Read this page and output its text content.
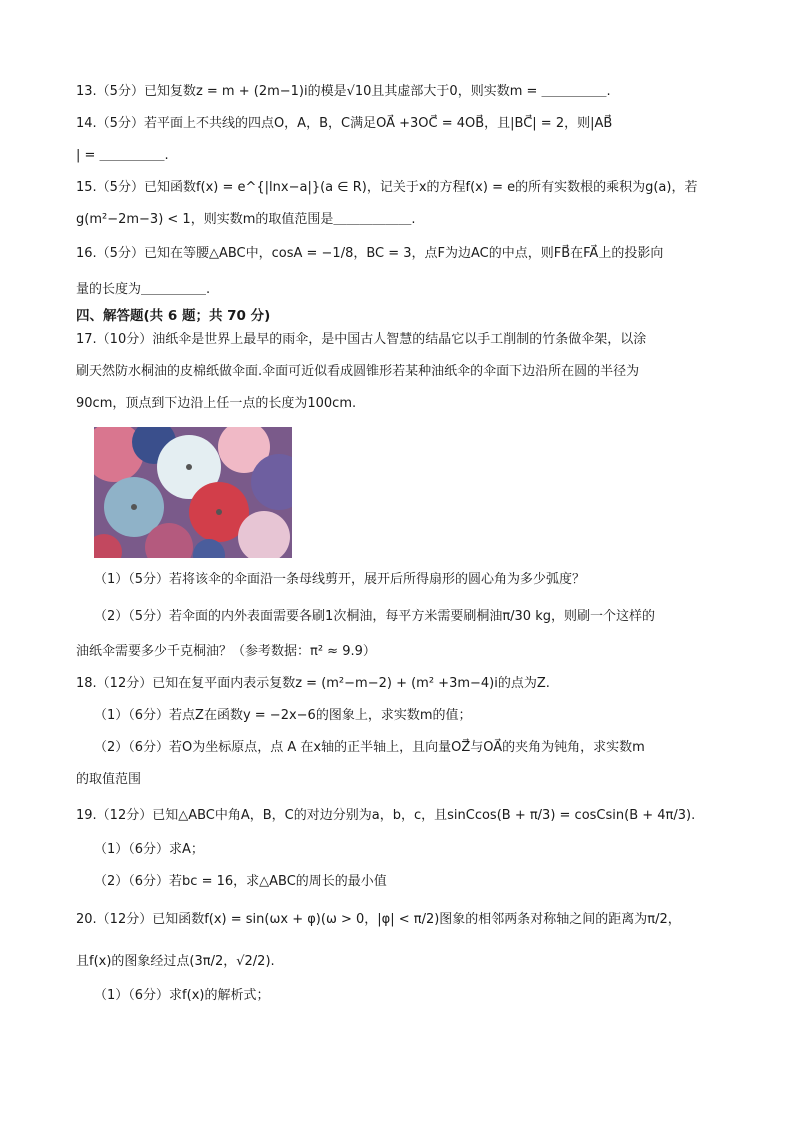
13.（5分）已知复数z = m + (2m−1)i的模是√10且其虚部大于0，则实数m = ＿＿＿＿＿.
14.（5分）若平面上不共线的四点O，A，B，C满足OA⃗ +3OC⃗ = 4OB⃗，且|BC⃗| = 2，则|AB⃗
| = ＿＿＿＿＿.
15.（5分）已知函数f(x) = e^{|lnx−a|}(a ∈ R)，记关于x的方程f(x) = e的所有实数根的乘积为g(a)，若
g(m²−2m−3) < 1，则实数m的取值范围是＿＿＿＿＿＿.
16.（5分）已知在等腰△ABC中，cosA = −1/8，BC = 3，点F为边AC的中点，则FB⃗在FA⃗上的投影向
量的长度为＿＿＿＿＿.
四、解答题(共 6 题；共 70 分)
17.（10分）油纸伞是世界上最早的雨伞，是中国古人智慧的结晶它以手工削制的竹条做伞架，以涂
刷天然防水桐油的皮棉纸做伞面.伞面可近似看成圆锥形若某种油纸伞的伞面下边沿所在圆的半径为
90cm，顶点到下边沿上任一点的长度为100cm.
（1）（5分）若将该伞的伞面沿一条母线剪开，展开后所得扇形的圆心角为多少弧度？
（2）（5分）若伞面的内外表面需要各刷1次桐油，每平方米需要刷桐油π/30 kg，则刷一个这样的
油纸伞需要多少千克桐油？（参考数据：π² ≈ 9.9）
18.（12分）已知在复平面内表示复数z = (m²−m−2) + (m² +3m−4)i的点为Z.
（1）（6分）若点Z在函数y = −2x−6的图象上，求实数m的值；
（2）（6分）若O为坐标原点，点 A 在x轴的正半轴上，且向量OZ⃗与OA⃗的夹角为钝角，求实数m
的取值范围
19.（12分）已知△ABC中角A，B，C的对边分别为a，b，c，且sinCcos(B + π/3) = cosCsin(B + 4π/3).
（1）（6分）求A；
（2）（6分）若bc = 16，求△ABC的周长的最小值
20.（12分）已知函数f(x) = sin(ωx + φ)(ω > 0，|φ| < π/2)图象的相邻两条对称轴之间的距离为π/2，
且f(x)的图象经过点(3π/2，√2/2).
（1）（6分）求f(x)的解析式；
